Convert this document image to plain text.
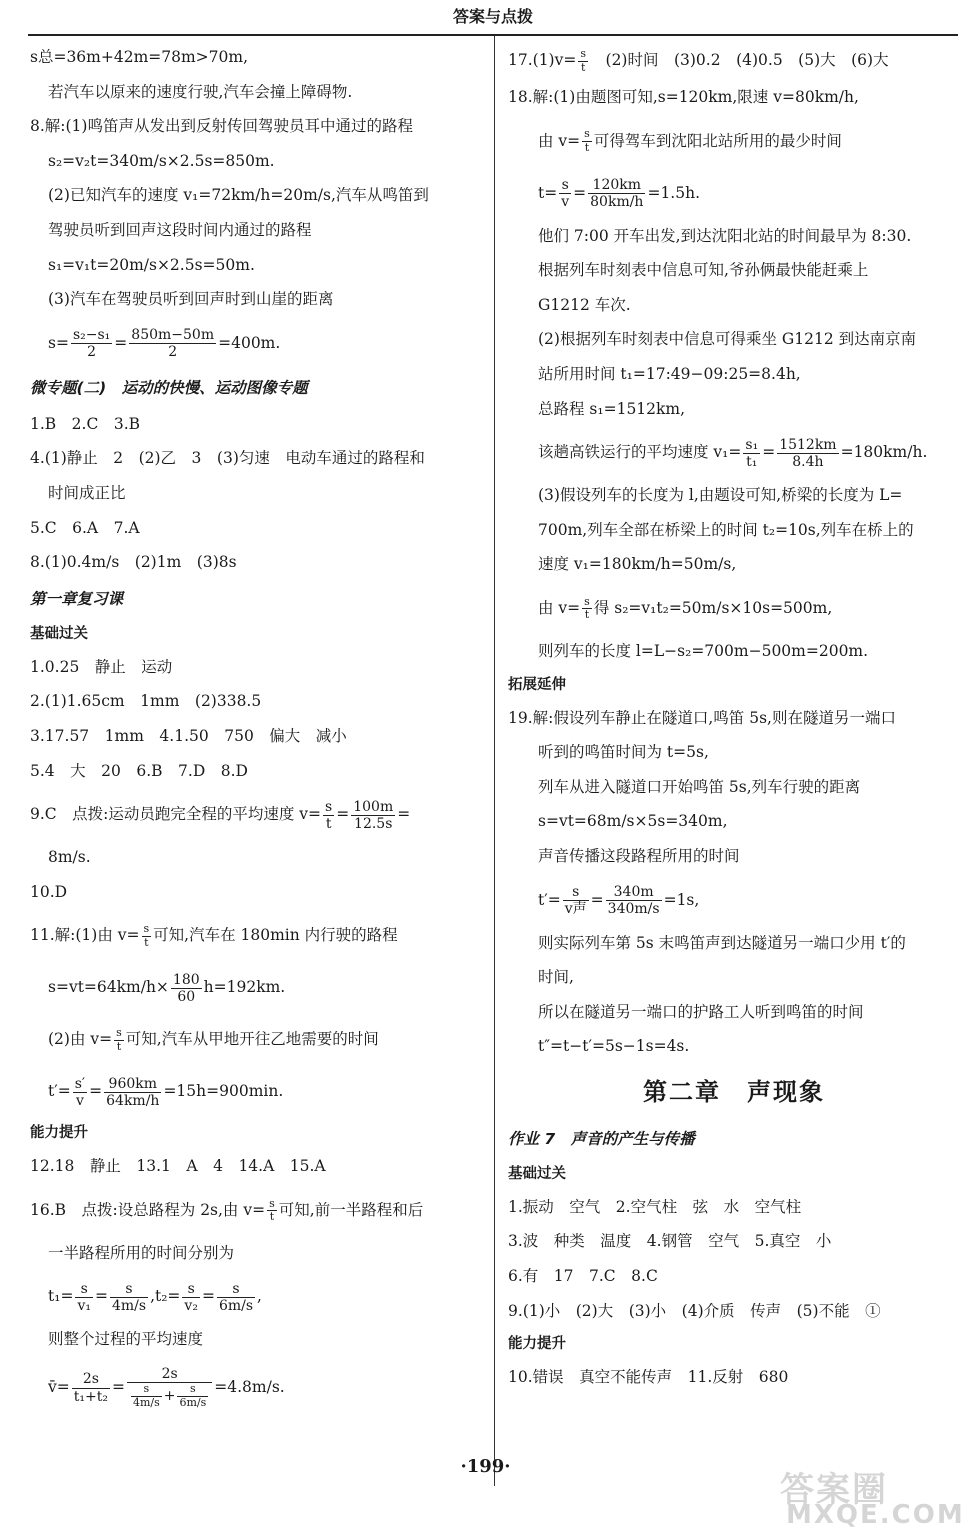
答案与点拨
s总=36m+42m=78m>70m,
若汽车以原来的速度行驶,汽车会撞上障碍物.
8.解:(1)鸣笛声从发出到反射传回驾驶员耳中通过的路程
s₂=v₂t=340m/s×2.5s=850m.
(2)已知汽车的速度 v₁=72km/h=20m/s,汽车从鸣笛到
驾驶员听到回声这段时间内通过的路程
s₁=v₁t=20m/s×2.5s=50m.
(3)汽车在驾驶员听到回声时到山崖的距离
$s= \frac{\text{s₂−s₁}}{2} = \frac{850m-50m}{2} =400m$.
微专题(二)　运动的快慢、运动图像专题
1.B　2.C　3.B
4.(1)静止　2　(2)乙　3　(3)匀速　电动车通过的路程和
时间成正比
5.C　6.A　7.A
8.(1)0.4m/s　(2)1m　(3)8s
第一章复习课
基础过关
1.0.25　静止　运动
2.(1)1.65cm　1mm　(2)338.5
3.17.57　1mm　4.1.50　750　偏大　减小
5.4　大　20　6.B　7.D　8.D
9.C　点拨:运动员跑完全程的平均速度 $v= \frac{s}{t} = \frac{100m}{12.5s}$ =
8m/s.
10.D
11.解:(1)由 $v= \frac{s}{t}$ 可知,汽车在 180min 内行驶的路程
$s=vt=64km/h\times \frac{180}{60} h=192km$.
(2)由 $v= \frac{s}{t}$ 可知,汽车从甲地开往乙地需要的时间
$t'= \frac{s'}{v} = \frac{960km}{64km/h} =15h=900\min$.
能力提升
12.18　静止　13.1　A　4　14.A　15.A
16.B　点拨:设总路程为 2s,由 $v= \frac{s}{t}$ 可知,前一半路程和后
一半路程所用的时间分别为
$t_1= \frac{s}{\text{v₁}} = \frac{s}{4m/s} ,t_2= \frac{s}{\text{v₂}} = \frac{s}{6m/s}$ ,
则整个过程的平均速度
v̄= $\frac{2s}{\text{t₁+t₂}} = \frac{2s}{\frac{s}{4m/s} + \frac{s}{6m/s}} =4.8m/s$.
$17.(1)v= \frac{s}{t}$ 　(2)时间　(3)0.2　(4)0.5　(5)大　(6)大
18.解:(1)由题图可知,s=120km,限速 v=80km/h,
由 $v= \frac{s}{t}$ 可得驾车到沈阳北站所用的最少时间
$t= \frac{s}{v} = \frac{120km}{80km/h} =1.5h$.
他们 7:00 开车出发,到达沈阳北站的时间最早为 8:30.
根据列车时刻表中信息可知,爷孙俩最快能赶乘上
G1212 车次.
(2)根据列车时刻表中信息可得乘坐 G1212 到达南京南
站所用时间 t₁=17:49−09:25=8.4h,
总路程 s₁=1512km,
该趟高铁运行的平均速度 $v_1= \frac{\text{s₁}}{\text{t₁}} = \frac{1512km}{8.4h} =180km/h$.
(3)假设列车的长度为 l,由题设可知,桥梁的长度为 L=
700m,列车全部在桥梁上的时间 t₂=10s,列车在桥上的
速度 v₁=180km/h=50m/s,
由 $v= \frac{s}{t}$ 得 s₂=v₁t₂=50m/s×10s=500m,
则列车的长度 l=L−s₂=700m−500m=200m.
拓展延伸
19.解:假设列车静止在隧道口,鸣笛 5s,则在隧道另一端口
听到的鸣笛时间为 t=5s,
列车从进入隧道口开始鸣笛 5s,列车行驶的距离
s=vt=68m/s×5s=340m,
声音传播这段路程所用的时间
$t'= \frac{s}{\text{v声}} = \frac{340m}{340m/s} =1s$,
则实际列车第 5s 末鸣笛声到达隧道另一端口少用 t′的
时间,
所以在隧道另一端口的护路工人听到鸣笛的时间
t″=t−t′=5s−1s=4s.
第二章　声现象
作业 7　声音的产生与传播
基础过关
1.振动　空气　2.空气柱　弦　水　空气柱
3.波　种类　温度　4.钢管　空气　5.真空　小
6.有　17　7.C　8.C
9.(1)小　(2)大　(3)小　(4)介质　传声　(5)不能　①
能力提升
10.错误　真空不能传声　11.反射　680
·199·
答案圈
MXQE.COM
